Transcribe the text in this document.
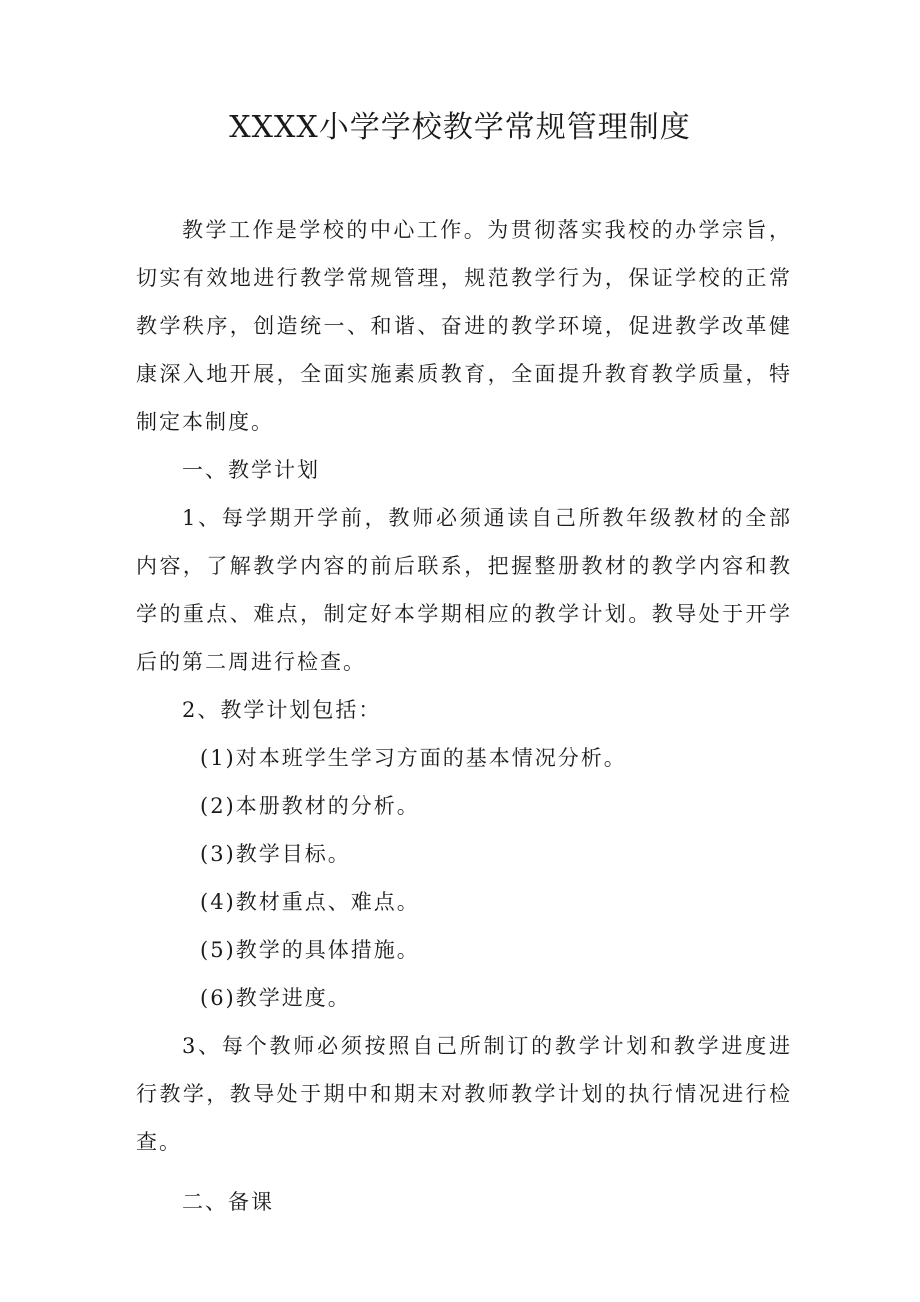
XXXX小学学校教学常规管理制度

教学工作是学校的中心工作。为贯彻落实我校的办学宗旨，切实有效地进行教学常规管理，规范教学行为，保证学校的正常教学秩序，创造统一、和谐、奋进的教学环境，促进教学改革健康深入地开展，全面实施素质教育，全面提升教育教学质量，特制定本制度。

一、教学计划

1、每学期开学前，教师必须通读自己所教年级教材的全部内容，了解教学内容的前后联系，把握整册教材的教学内容和教学的重点、难点，制定好本学期相应的教学计划。教导处于开学后的第二周进行检查。

2、教学计划包括：

(1)对本班学生学习方面的基本情况分析。

(2)本册教材的分析。

(3)教学目标。

(4)教材重点、难点。

(5)教学的具体措施。

(6)教学进度。

3、每个教师必须按照自己所制订的教学计划和教学进度进行教学，教导处于期中和期末对教师教学计划的执行情况进行检查。

二、备课
